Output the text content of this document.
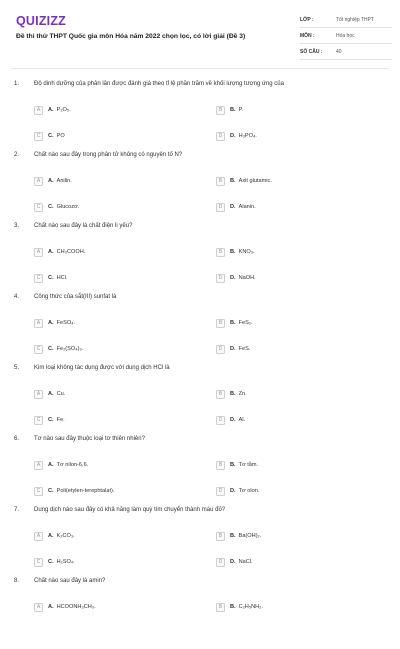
QUIZIZZ
Đề thi thử THPT Quốc gia môn Hóa năm 2022 chọn lọc, có lời giải (Đề 3)
LỚP :	Tốt nghiệp THPT
MÔN :	Hóa học
SỐ CÂU :	40
1. Độ dinh dưỡng của phân lân được đánh giá theo tỉ lệ phần trăm về khối lượng tương ứng của
A	A. P₂O₅.	B	B. P.
C	C. PO	D	D. H₃PO₄.
2. Chất nào sau đây trong phân tử không có nguyên tố N?
A	A. Anilin.	B	B. Axit glutamic.
C	C. Glucozơ.	D	D. Alanin.
3. Chất nào sau đây là chất điện li yếu?
A	A. CH₃COOH.	B	B. KNO₃.
C	C. HCl.	D	D. NaOH.
4. Công thức của sắt(III) sunfat là
A	A. FeSO₄.	B	B. FeS₂.
C	C. Fe₂(SO₄)₃.	D	D. FeS.
5. Kim loại không tác dụng được với dung dịch HCl là
A	A. Cu.	B	B. Zn.
C	C. Fe.	D	D. Al.
6. Tơ nào sau đây thuộc loại tơ thiên nhiên?
A	A. Tơ nilon-6,6.	B	B. Tơ tằm.
C	C. Poli(etylen-terephtalat).	D	D. Tơ olon.
7. Dung dịch nào sau đây có khả năng làm quỳ tím chuyển thành màu đỏ?
A	A. K₂CO₃.	B	B. Ba(OH)₂.
C	C. H₂SO₄.	D	D. NaCl.
8. Chất nào sau đây là amin?
A	A. HCOONH₃CH₃.	B	B. C₂H₅NH₂.
